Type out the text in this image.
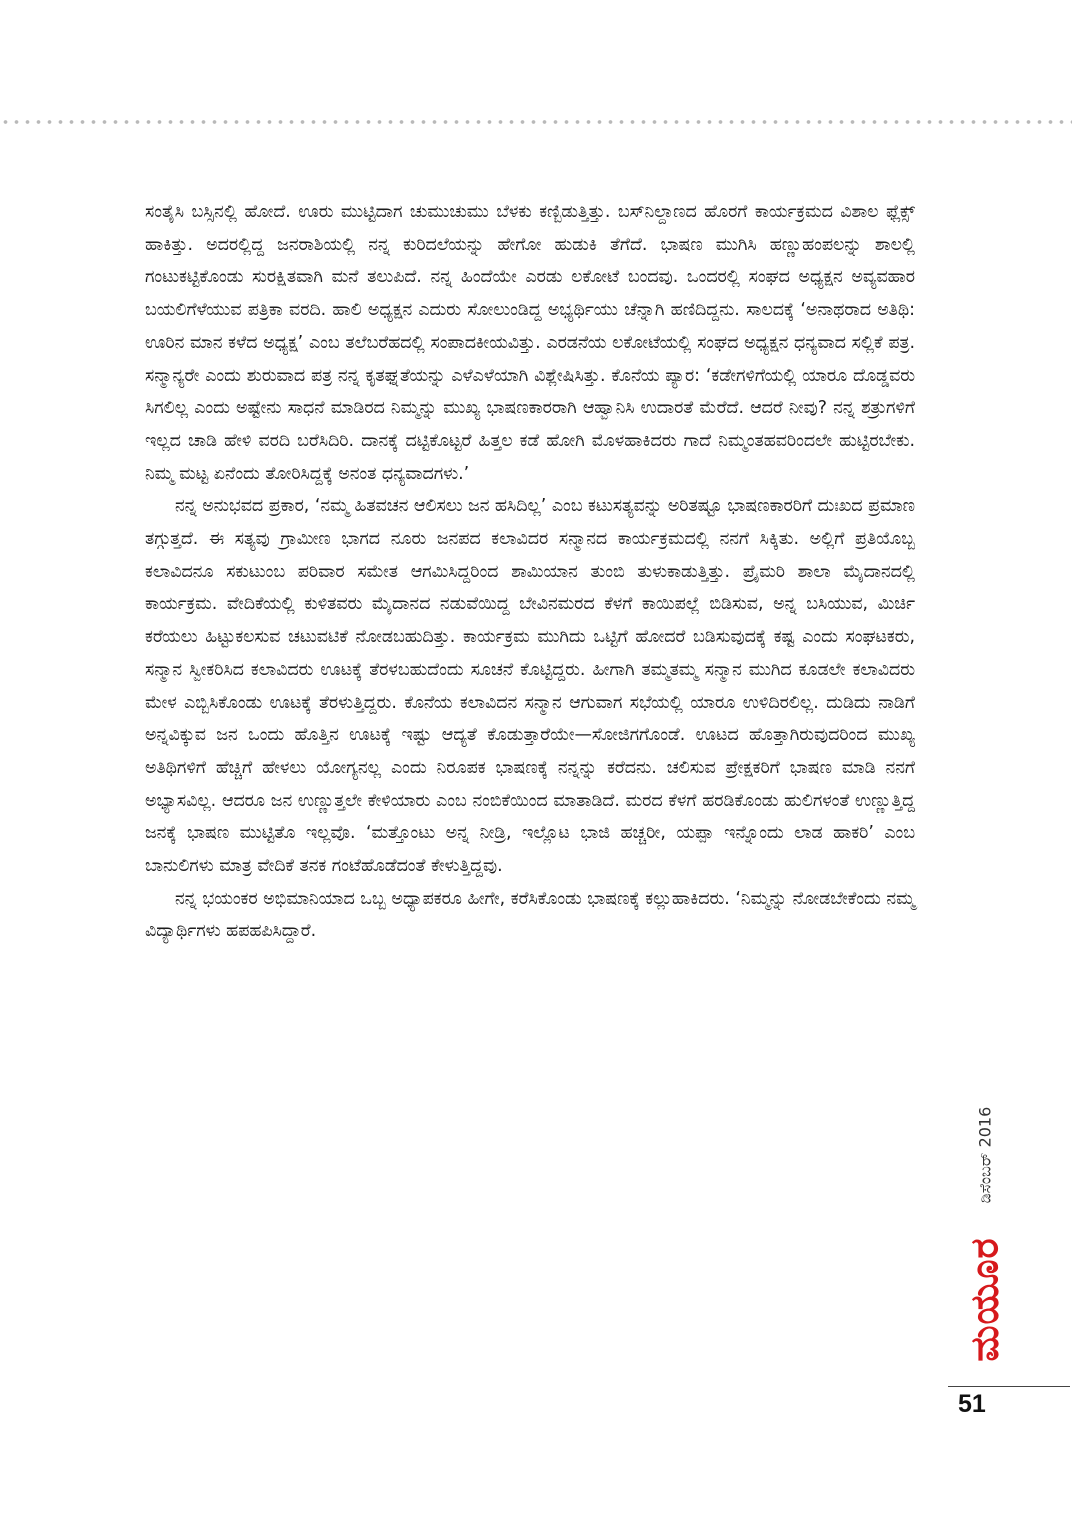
ಸಂತೈಸಿ ಬಸ್ಸಿನಲ್ಲಿ ಹೋದೆ. ಊರು ಮುಟ್ಟಿದಾಗ ಚುಮುಚುಮು ಬೆಳಕು ಕಣ್ಬಿಡುತ್ತಿತ್ತು. ಬಸ್‌ನಿಲ್ದಾಣದ ಹೊರಗೆ ಕಾರ್ಯಕ್ರಮದ ವಿಶಾಲ ಫ್ಲೆಕ್ಸ್ ಹಾಕಿತ್ತು. ಅದರಲ್ಲಿದ್ದ ಜನರಾಶಿಯಲ್ಲಿ ನನ್ನ ಕುರಿದಲೆಯನ್ನು ಹೇಗೋ ಹುಡುಕಿ ತೆಗೆದೆ. ಭಾಷಣ ಮುಗಿಸಿ ಹಣ್ಣುಹಂಪಲನ್ನು ಶಾಲಲ್ಲಿ ಗಂಟುಕಟ್ಟಿಕೊಂಡು ಸುರಕ್ಷಿತವಾಗಿ ಮನೆ ತಲುಪಿದೆ. ನನ್ನ ಹಿಂದೆಯೇ ಎರಡು ಲಕೋಟೆ ಬಂದವು. ಒಂದರಲ್ಲಿ ಸಂಘದ ಅಧ್ಯಕ್ಷನ ಅವ್ಯವಹಾರ ಬಯಲಿಗೆಳೆಯುವ ಪತ್ರಿಕಾ ವರದಿ. ಹಾಲಿ ಅಧ್ಯಕ್ಷನ ಎದುರು ಸೋಲುಂಡಿದ್ದ ಅಭ್ಯರ್ಥಿಯು ಚೆನ್ನಾಗಿ ಹಣಿದಿದ್ದನು. ಸಾಲದಕ್ಕೆ ‘ಅನಾಥರಾದ ಅತಿಥಿ: ಊರಿನ ಮಾನ ಕಳೆದ ಅಧ್ಯಕ್ಷ’ ಎಂಬ ತಲೆಬರೆಹದಲ್ಲಿ ಸಂಪಾದಕೀಯವಿತ್ತು. ಎರಡನೆಯ ಲಕೋಟೆಯಲ್ಲಿ ಸಂಘದ ಅಧ್ಯಕ್ಷನ ಧನ್ಯವಾದ ಸಲ್ಲಿಕೆ ಪತ್ರ. ಸನ್ಮಾನ್ಯರೇ ಎಂದು ಶುರುವಾದ ಪತ್ರ ನನ್ನ ಕೃತಘ್ನತೆಯನ್ನು ಎಳೆಎಳೆಯಾಗಿ ವಿಶ್ಲೇಷಿಸಿತ್ತು. ಕೊನೆಯ ಪ್ಯಾರ: ‘ಕಡೇಗಳಿಗೆಯಲ್ಲಿ ಯಾರೂ ದೊಡ್ಡವರು ಸಿಗಲಿಲ್ಲ ಎಂದು ಅಷ್ಟೇನು ಸಾಧನೆ ಮಾಡಿರದ ನಿಮ್ಮನ್ನು ಮುಖ್ಯ ಭಾಷಣಕಾರರಾಗಿ ಆಹ್ವಾನಿಸಿ ಉದಾರತೆ ಮೆರೆದೆ. ಆದರೆ ನೀವು? ನನ್ನ ಶತ್ರುಗಳಿಗೆ ಇಲ್ಲದ ಚಾಡಿ ಹೇಳಿ ವರದಿ ಬರೆಸಿದಿರಿ. ದಾನಕ್ಕೆ ದಟ್ಟಿಕೊಟ್ಟರೆ ಹಿತ್ತಲ ಕಡೆ ಹೋಗಿ ಮೊಳಹಾಕಿದರು ಗಾದೆ ನಿಮ್ಮಂತಹವರಿಂದಲೇ ಹುಟ್ಟಿರಬೇಕು. ನಿಮ್ಮ ಮಟ್ಟ ಏನೆಂದು ತೋರಿಸಿದ್ದಕ್ಕೆ ಅನಂತ ಧನ್ಯವಾದಗಳು.’

ನನ್ನ ಅನುಭವದ ಪ್ರಕಾರ, ‘ನಮ್ಮ ಹಿತವಚನ ಆಲಿಸಲು ಜನ ಹಸಿದಿಲ್ಲ’ ಎಂಬ ಕಟುಸತ್ಯವನ್ನು ಅರಿತಷ್ಟೂ ಭಾಷಣಕಾರರಿಗೆ ದುಃಖದ ಪ್ರಮಾಣ ತಗ್ಗುತ್ತದೆ. ಈ ಸತ್ಯವು ಗ್ರಾಮೀಣ ಭಾಗದ ನೂರು ಜನಪದ ಕಲಾವಿದರ ಸನ್ಮಾನದ ಕಾರ್ಯಕ್ರಮದಲ್ಲಿ ನನಗೆ ಸಿಕ್ಕಿತು. ಅಲ್ಲಿಗೆ ಪ್ರತಿಯೊಬ್ಬ ಕಲಾವಿದನೂ ಸಕುಟುಂಬ ಪರಿವಾರ ಸಮೇತ ಆಗಮಿಸಿದ್ದರಿಂದ ಶಾಮಿಯಾನ ತುಂಬಿ ತುಳುಕಾಡುತ್ತಿತ್ತು. ಪ್ರೈಮರಿ ಶಾಲಾ ಮೈದಾನದಲ್ಲಿ ಕಾರ್ಯಕ್ರಮ. ವೇದಿಕೆಯಲ್ಲಿ ಕುಳಿತವರು ಮೈದಾನದ ನಡುವೆಯಿದ್ದ ಬೇವಿನಮರದ ಕೆಳಗೆ ಕಾಯಿಪಲ್ಲೆ ಬಿಡಿಸುವ, ಅನ್ನ ಬಸಿಯುವ, ಮಿರ್ಚಿ ಕರೆಯಲು ಹಿಟ್ಟುಕಲಸುವ ಚಟುವಟಿಕೆ ನೋಡಬಹುದಿತ್ತು. ಕಾರ್ಯಕ್ರಮ ಮುಗಿದು ಒಟ್ಟಿಗೆ ಹೋದರೆ ಬಡಿಸುವುದಕ್ಕೆ ಕಷ್ಟ ಎಂದು ಸಂಘಟಕರು, ಸನ್ಮಾನ ಸ್ವೀಕರಿಸಿದ ಕಲಾವಿದರು ಊಟಕ್ಕೆ ತೆರಳಬಹುದೆಂದು ಸೂಚನೆ ಕೊಟ್ಟಿದ್ದರು. ಹೀಗಾಗಿ ತಮ್ಮತಮ್ಮ ಸನ್ಮಾನ ಮುಗಿದ ಕೂಡಲೇ ಕಲಾವಿದರು ಮೇಳ ಎಬ್ಬಿಸಿಕೊಂಡು ಊಟಕ್ಕೆ ತೆರಳುತ್ತಿದ್ದರು. ಕೊನೆಯ ಕಲಾವಿದನ ಸನ್ಮಾನ ಆಗುವಾಗ ಸಭೆಯಲ್ಲಿ ಯಾರೂ ಉಳಿದಿರಲಿಲ್ಲ. ದುಡಿದು ನಾಡಿಗೆ ಅನ್ನವಿಕ್ಕುವ ಜನ ಒಂದು ಹೊತ್ತಿನ ಊಟಕ್ಕೆ ಇಷ್ಟು ಆದ್ಯತೆ ಕೊಡುತ್ತಾರೆಯೇ—ಸೋಜಿಗಗೊಂಡೆ. ಊಟದ ಹೊತ್ತಾಗಿರುವುದರಿಂದ ಮುಖ್ಯ ಅತಿಥಿಗಳಿಗೆ ಹೆಚ್ಚಿಗೆ ಹೇಳಲು ಯೋಗ್ಯನಲ್ಲ ಎಂದು ನಿರೂಪಕ ಭಾಷಣಕ್ಕೆ ನನ್ನನ್ನು ಕರೆದನು. ಚಲಿಸುವ ಪ್ರೇಕ್ಷಕರಿಗೆ ಭಾಷಣ ಮಾಡಿ ನನಗೆ ಅಭ್ಯಾಸವಿಲ್ಲ. ಆದರೂ ಜನ ಉಣ್ಣುತ್ತಲೇ ಕೇಳಿಯಾರು ಎಂಬ ನಂಬಿಕೆಯಿಂದ ಮಾತಾಡಿದೆ. ಮರದ ಕೆಳಗೆ ಹರಡಿಕೊಂಡು ಹುಲಿಗಳಂತೆ ಉಣ್ಣುತ್ತಿದ್ದ ಜನಕ್ಕೆ ಭಾಷಣ ಮುಟ್ಟಿತೊ ಇಲ್ಲವೊ. ‘ಮತ್ತೊಂಟು ಅನ್ನ ನೀಡ್ರಿ, ಇಲ್ಲೊಟ ಭಾಜಿ ಹಚ್ಚರೀ, ಯಪ್ಪಾ ಇನ್ನೊಂದು ಲಾಡ ಹಾಕರಿ’ ಎಂಬ ಬಾನುಲಿಗಳು ಮಾತ್ರ ವೇದಿಕೆ ತನಕ ಗಂಟೆಹೊಡೆದಂತೆ ಕೇಳುತ್ತಿದ್ದವು.

ನನ್ನ ಭಯಂಕರ ಅಭಿಮಾನಿಯಾದ ಒಬ್ಬ ಅಧ್ಯಾಪಕರೂ ಹೀಗೇ, ಕರೆಸಿಕೊಂಡು ಭಾಷಣಕ್ಕೆ ಕಲ್ಲುಹಾಕಿದರು. ‘ನಿಮ್ಮನ್ನು ನೋಡಬೇಕೆಂದು ನಮ್ಮ ವಿದ್ಯಾರ್ಥಿಗಳು ಹಪಹಪಿಸಿದ್ದಾರೆ.

ಡಿಸೆಂಬರ್ 2016
ಮಯೂರ
51
